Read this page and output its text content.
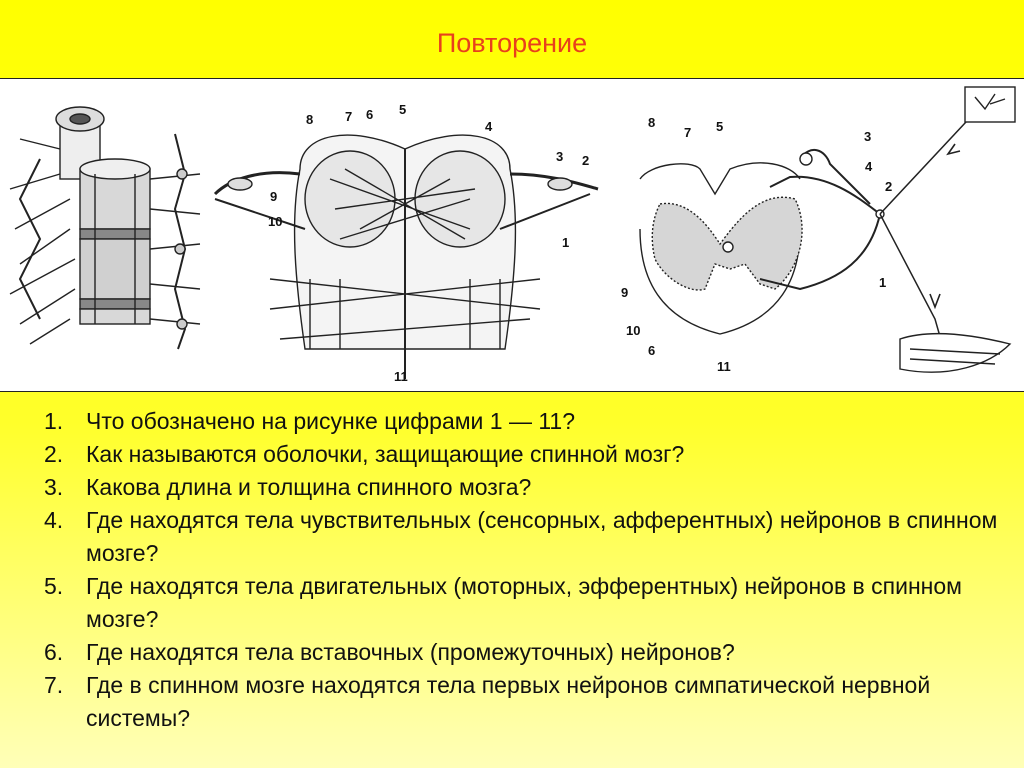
Повторение
8 7 6 5
4
3 2
9
10
1
11
8
7 5
3
4
2
1
9
10
6
11
1. Что обозначено на рисунке цифрами 1 — 11?
2. Как называются оболочки, защищающие спинной мозг?
3. Какова длина и толщина спинного мозга?
4. Где находятся тела чувствительных (сенсорных, афферентных) нейронов в спинном мозге?
5. Где находятся тела двигательных (моторных, эфферентных) нейронов в спинном мозге?
6. Где находятся тела вставочных (промежуточных) нейронов?
7. Где в спинном мозге находятся тела первых нейронов симпатической нервной системы?
